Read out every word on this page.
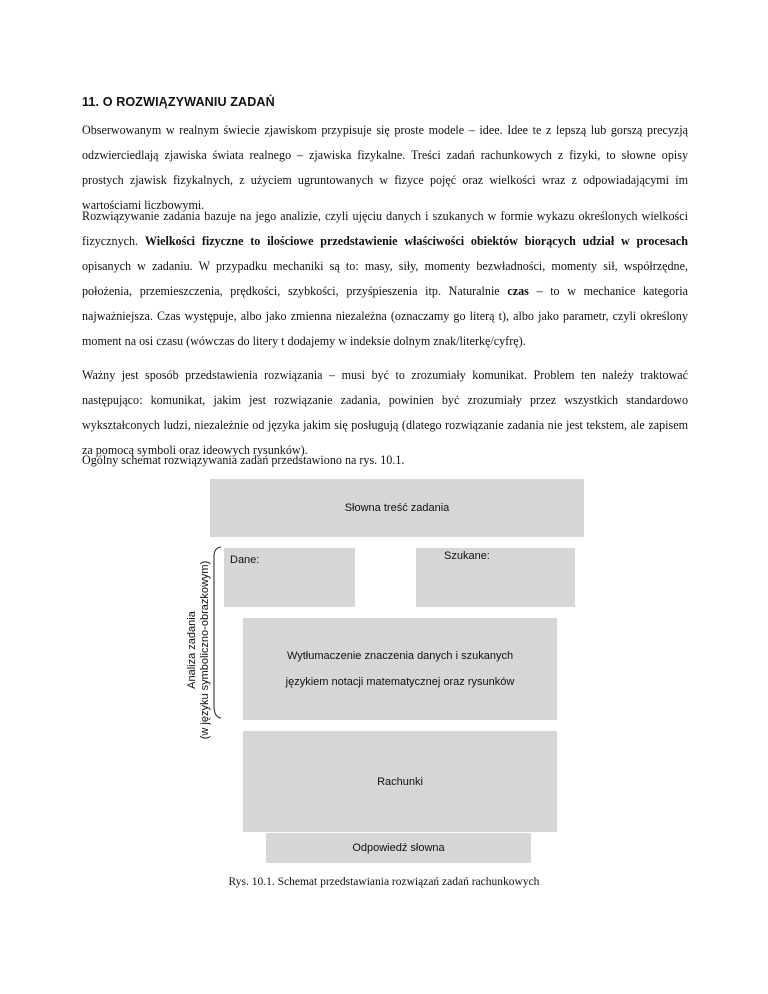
11. O ROZWIĄZYWANIU ZADAŃ
Obserwowanym w realnym świecie zjawiskom przypisuje się proste modele – idee. Idee te z lepszą lub gorszą precyzją odzwierciedlają zjawiska świata realnego – zjawiska fizykalne. Treści zadań rachunkowych z fizyki, to słowne opisy prostych zjawisk fizykalnych, z użyciem ugruntowanych w fizyce pojęć oraz wielkości wraz z odpowiadającymi im wartościami liczbowymi.
Rozwiązywanie zadania bazuje na jego analizie, czyli ujęciu danych i szukanych w formie wykazu określonych wielkości fizycznych. Wielkości fizyczne to ilościowe przedstawienie właściwości obiektów biorących udział w procesach opisanych w zadaniu. W przypadku mechaniki są to: masy, siły, momenty bezwładności, momenty sił, współrzędne, położenia, przemieszczenia, prędkości, szybkości, przyśpieszenia itp. Naturalnie czas – to w mechanice kategoria najważniejsza. Czas występuje, albo jako zmienna niezależna (oznaczamy go literą t), albo jako parametr, czyli określony moment na osi czasu (wówczas do litery t dodajemy w indeksie dolnym znak/literkę/cyfrę).
Ważny jest sposób przedstawienia rozwiązania – musi być to zrozumiały komunikat. Problem ten należy traktować następująco: komunikat, jakim jest rozwiązanie zadania, powinien być zrozumiały przez wszystkich standardowo wykształconych ludzi, niezależnie od języka jakim się posługują (dlatego rozwiązanie zadania nie jest tekstem, ale zapisem za pomocą symboli oraz ideowych rysunków).
Ogólny schemat rozwiązywania zadań przedstawiono na rys. 10.1.
Słowna treść zadania
Dane:	Szukane:
Wytłumaczenie znaczenia danych i szukanych
językiem notacji matematycznej oraz rysunków
Rachunki
Odpowiedź słowna
Analiza zadania (w języku symboliczno-obrazkowym)
Rys. 10.1. Schemat przedstawiania rozwiązań zadań rachunkowych
